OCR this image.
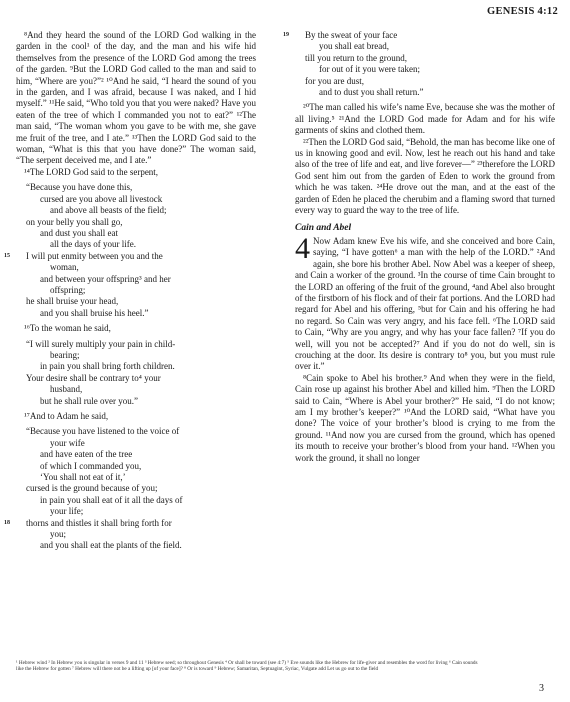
GENESIS 4:12

⁸And they heard the sound of the LORD God walking in the garden in the cool¹ of the day, and the man and his wife hid themselves from the presence of the LORD God among the trees of the garden. ⁹But the LORD God called to the man and said to him, “Where are you?”² ¹⁰And he said, “I heard the sound of you in the garden, and I was afraid, because I was naked, and I hid myself.” ¹¹He said, “Who told you that you were naked? Have you eaten of the tree of which I commanded you not to eat?” ¹²The man said, “The woman whom you gave to be with me, she gave me fruit of the tree, and I ate.” ¹³Then the LORD God said to the woman, “What is this that you have done?” The woman said, “The serpent deceived me, and I ate.”

¹⁴The LORD God said to the serpent,

“Because you have done this,

cursed are you above all livestock

and above all beasts of the field;

on your belly you shall go,

and dust you shall eat

all the days of your life.

15	I will put enmity between you and the

woman,

and between your offspring³ and her

offspring;

he shall bruise your head,

and you shall bruise his heel.”

¹⁶To the woman he said,

“I will surely multiply your pain in child-

bearing;

in pain you shall bring forth children.

Your desire shall be contrary to⁴ your

husband,

but he shall rule over you.”

¹⁷And to Adam he said,

“Because you have listened to the voice of

your wife

and have eaten of the tree

of which I commanded you,

‘You shall not eat of it,’

cursed is the ground because of you;

in pain you shall eat of it all the days of

your life;

18	thorns and thistles it shall bring forth for

you;

and you shall eat the plants of the field.

19	By the sweat of your face

you shall eat bread,

till you return to the ground,

for out of it you were taken;

for you are dust,

and to dust you shall return.”

²⁰The man called his wife’s name Eve, because she was the mother of all living.⁵ ²¹And the LORD God made for Adam and for his wife garments of skins and clothed them.

²²Then the LORD God said, “Behold, the man has become like one of us in knowing good and evil. Now, lest he reach out his hand and take also of the tree of life and eat, and live forever—” ²³therefore the LORD God sent him out from the garden of Eden to work the ground from which he was taken. ²⁴He drove out the man, and at the east of the garden of Eden he placed the cherubim and a flaming sword that turned every way to guard the way to the tree of life.

Cain and Abel
4 Now Adam knew Eve his wife, and she conceived and bore Cain, saying, “I have gotten⁶ a man with the help of the LORD.” ²And again, she bore his brother Abel. Now Abel was a keeper of sheep, and Cain a worker of the ground. ³In the course of time Cain brought to the LORD an offering of the fruit of the ground, ⁴and Abel also brought of the firstborn of his flock and of their fat portions. And the LORD had regard for Abel and his offering, ⁵but for Cain and his offering he had no regard. So Cain was very angry, and his face fell. ⁶The LORD said to Cain, “Why are you angry, and why has your face fallen? ⁷If you do well, will you not be accepted?⁷ And if you do not do well, sin is crouching at the door. Its desire is contrary to⁸ you, but you must rule over it.”

⁸Cain spoke to Abel his brother.⁹ And when they were in the field, Cain rose up against his brother Abel and killed him. ⁹Then the LORD said to Cain, “Where is Abel your brother?” He said, “I do not know; am I my brother’s keeper?” ¹⁰And the LORD said, “What have you done? The voice of your brother’s blood is crying to me from the ground. ¹¹And now you are cursed from the ground, which has opened its mouth to receive your brother’s blood from your hand. ¹²When you work the ground, it shall no longer

¹ Hebrew wind ² In Hebrew you is singular in verses 9 and 11 ³ Hebrew seed; so throughout Genesis ⁴ Or shall be toward (see 4:7) ⁵ Eve sounds like the Hebrew for life-giver and resembles the word for living ⁶ Cain sounds like the Hebrew for gotten ⁷ Hebrew will there not be a lifting up [of your face]? ⁸ Or is toward ⁹ Hebrew; Samaritan, Septuagint, Syriac, Vulgate add Let us go out to the field
3
